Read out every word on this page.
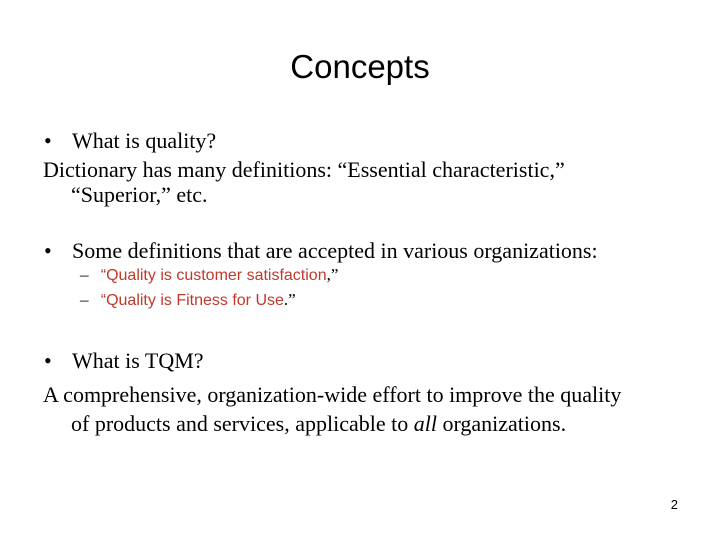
Concepts
• What is quality?
Dictionary has many definitions: “Essential characteristic,”
“Superior,” etc.
• Some definitions that are accepted in various organizations:
– “Quality is customer satisfaction,”
– “Quality is Fitness for Use.”
• What is TQM?
A comprehensive, organization-wide effort to improve the quality
of products and services, applicable to all organizations.
2
